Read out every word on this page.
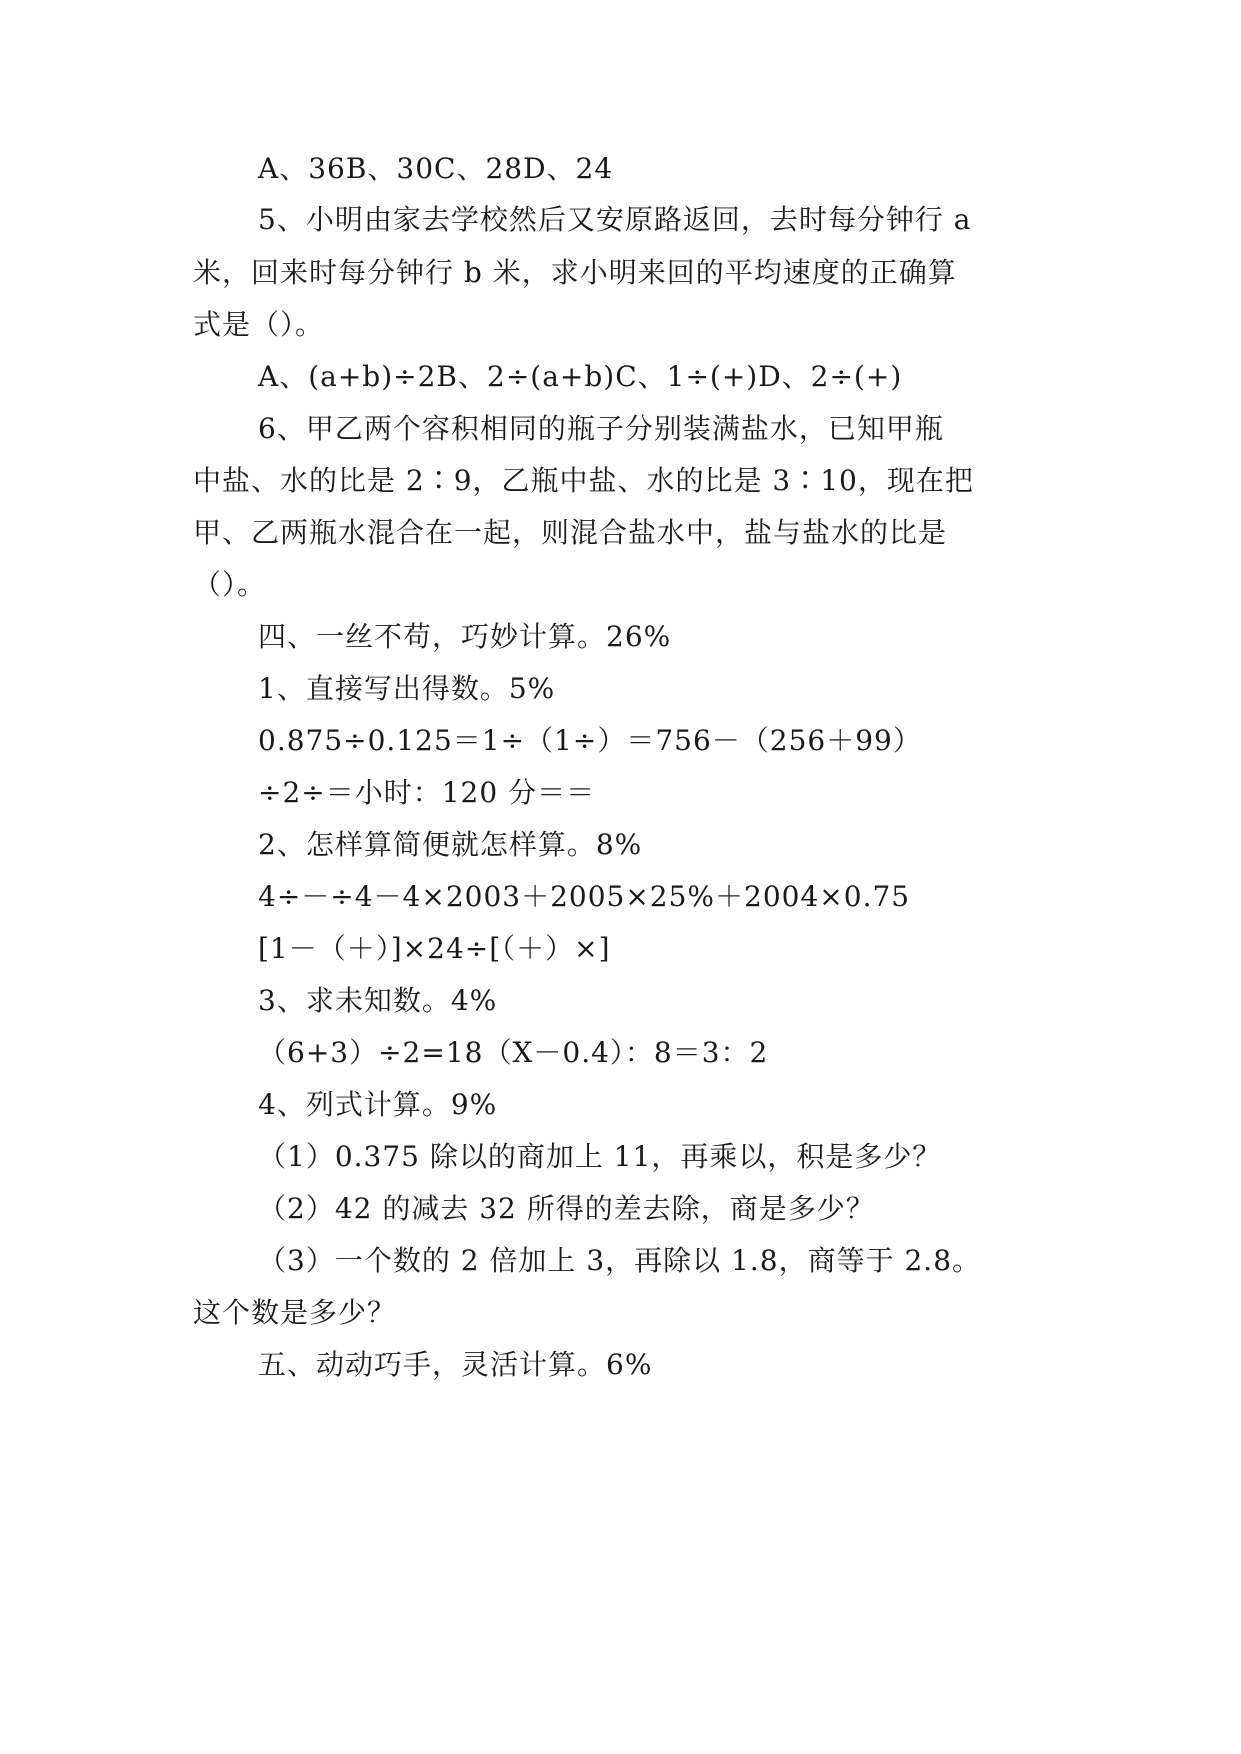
A、36B、30C、28D、24
5、小明由家去学校然后又安原路返回，去时每分钟行 a
米，回来时每分钟行 b 米，求小明来回的平均速度的正确算
式是（）。
A、(a+b)÷2B、2÷(a+b)C、1÷(+)D、2÷(+)
6、甲乙两个容积相同的瓶子分别装满盐水，已知甲瓶
中盐、水的比是 2∶9，乙瓶中盐、水的比是 3∶10，现在把
甲、乙两瓶水混合在一起，则混合盐水中，盐与盐水的比是
（）。
四、一丝不苟，巧妙计算。26%
1、直接写出得数。5%
0.875÷0.125＝1÷（1÷）＝756－（256＋99）
÷2÷＝小时：120 分＝＝
2、怎样算简便就怎样算。8%
4÷－÷4－4×2003＋2005×25%＋2004×0.75
[1－（＋）]×24÷[（＋）×]
3、求未知数。4%
（6+3）÷2=18（X－0.4）：8＝3：2
4、列式计算。9%
（1）0.375 除以的商加上 11，再乘以，积是多少？
（2）42 的减去 32 所得的差去除，商是多少？
（3）一个数的 2 倍加上 3，再除以 1.8，商等于 2.8。
这个数是多少？
五、动动巧手，灵活计算。6%
